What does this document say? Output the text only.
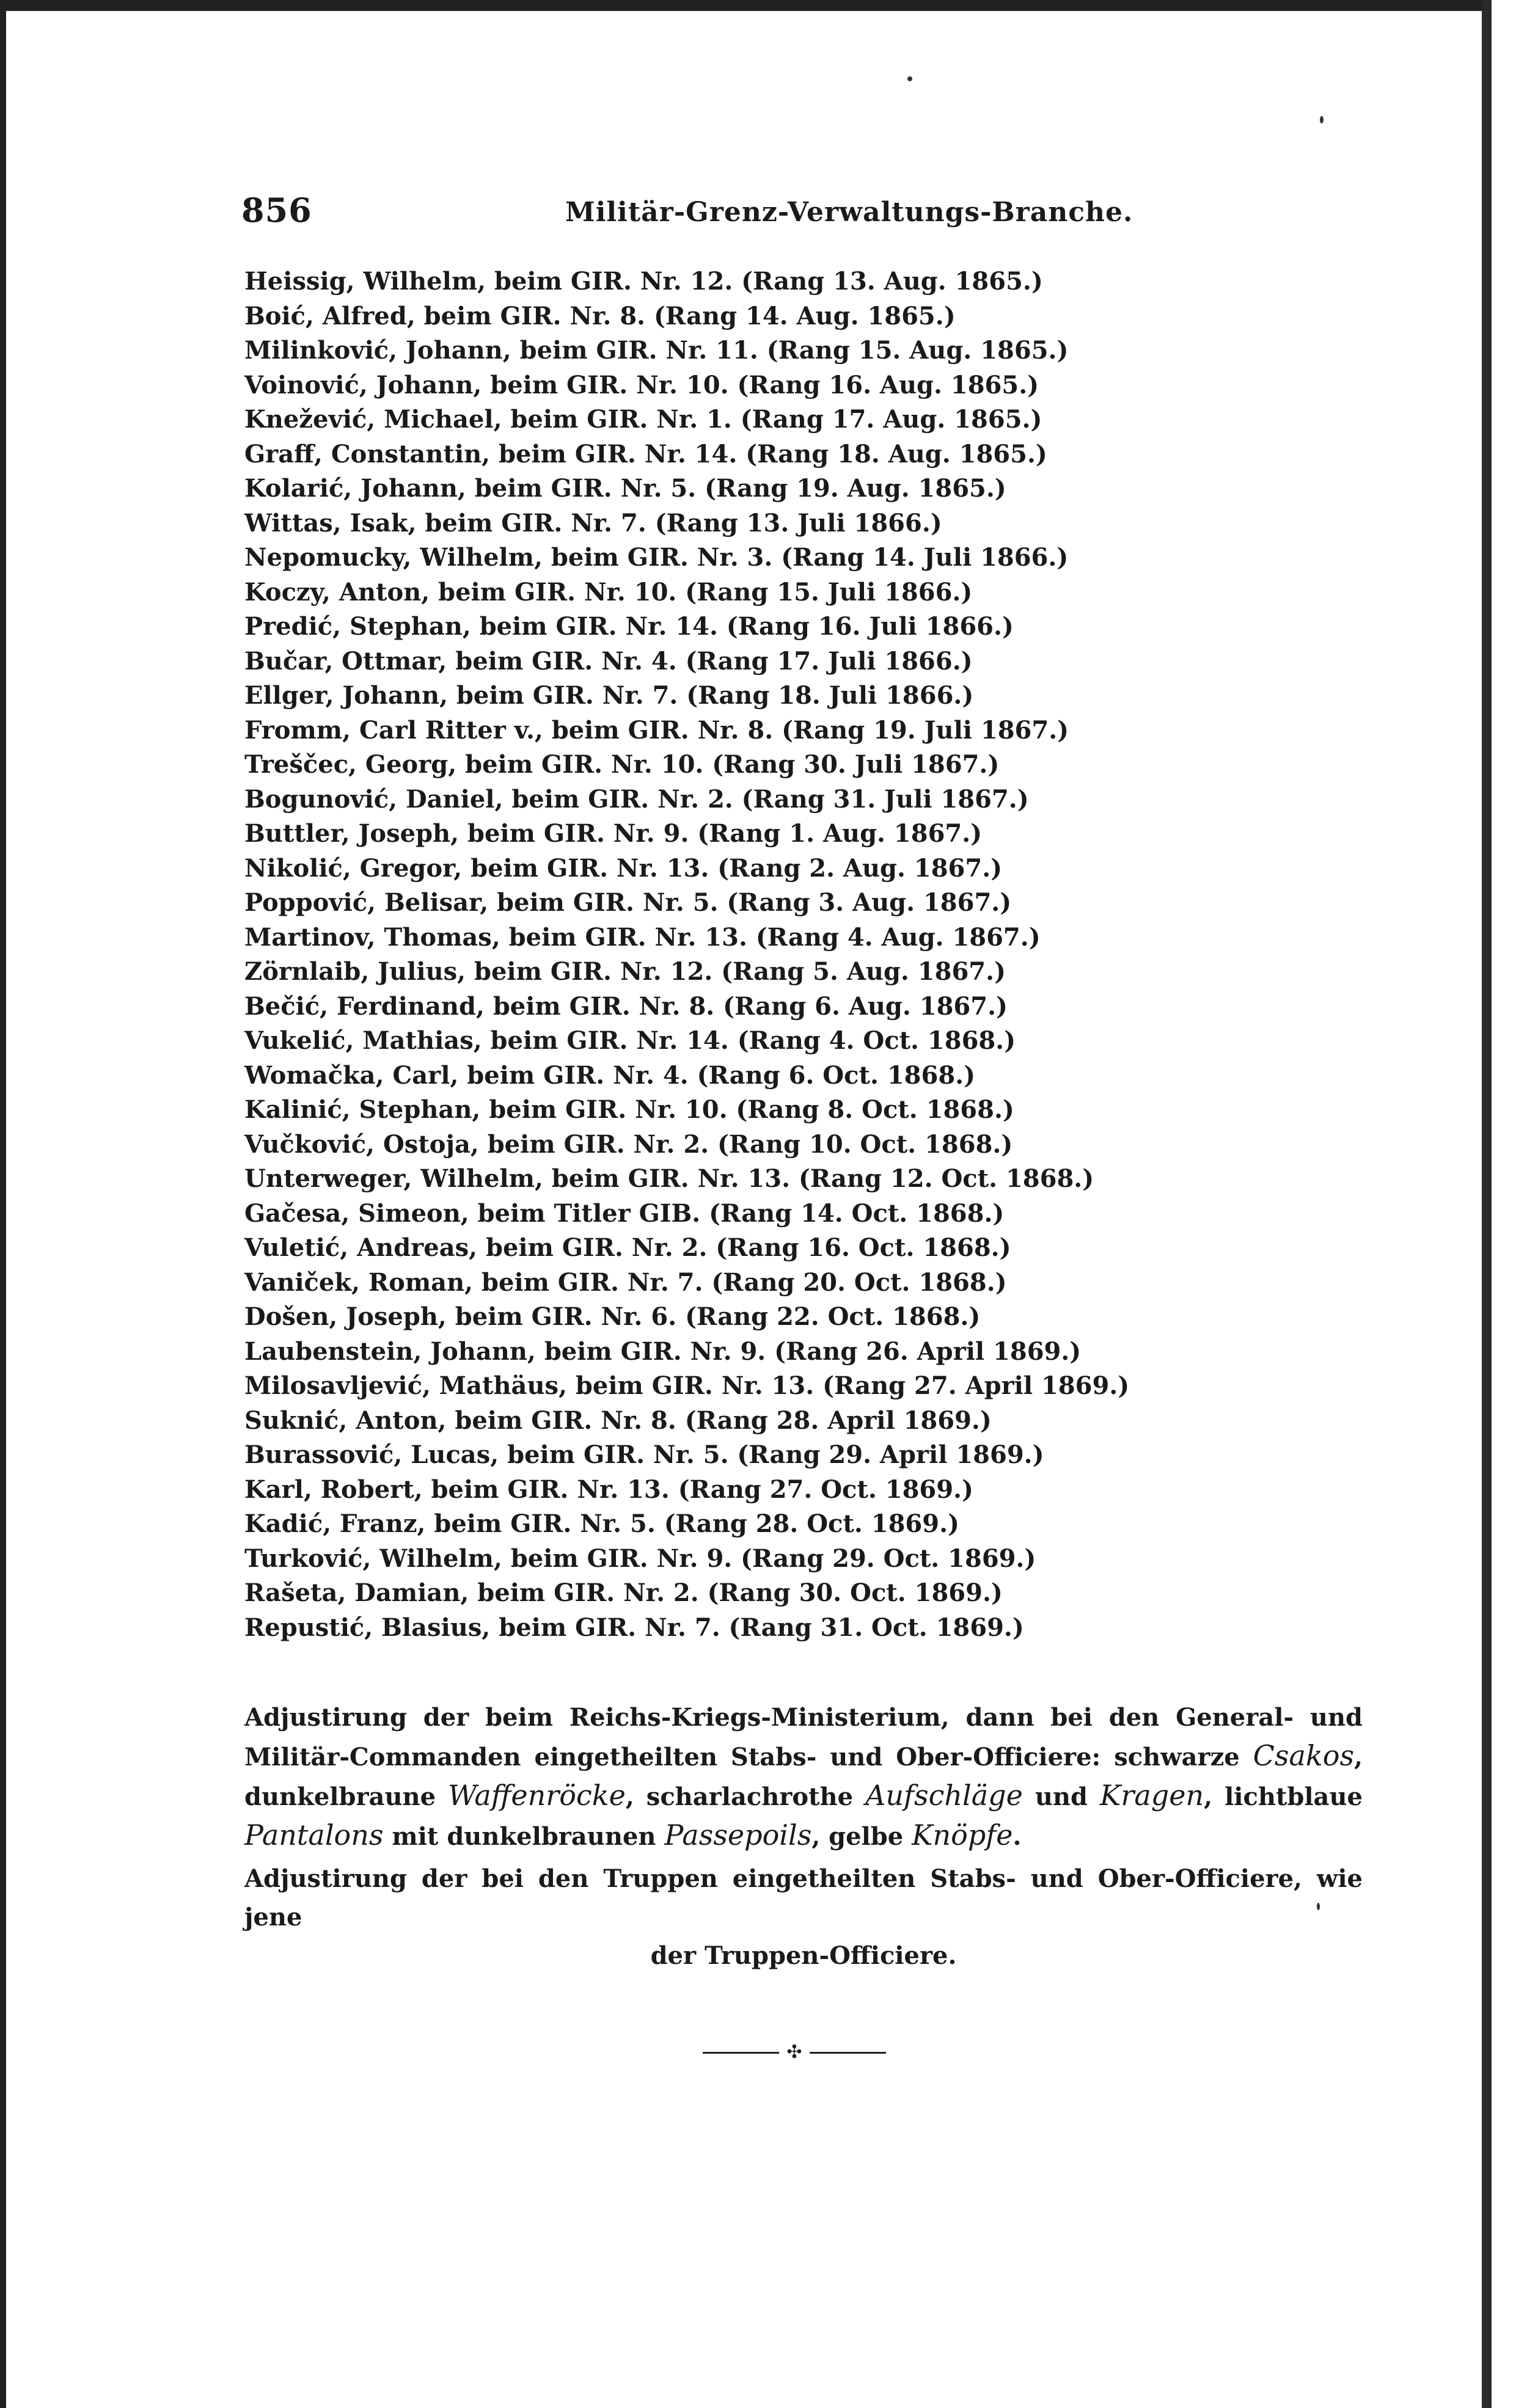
856	Militär-Grenz-Verwaltungs-Branche.
Heissig, Wilhelm, beim GIR. Nr. 12. (Rang 13. Aug. 1865.)
Boić, Alfred, beim GIR. Nr. 8. (Rang 14. Aug. 1865.)
Milinković, Johann, beim GIR. Nr. 11. (Rang 15. Aug. 1865.)
Voinović, Johann, beim GIR. Nr. 10. (Rang 16. Aug. 1865.)
Knežević, Michael, beim GIR. Nr. 1. (Rang 17. Aug. 1865.)
Graff, Constantin, beim GIR. Nr. 14. (Rang 18. Aug. 1865.)
Kolarić, Johann, beim GIR. Nr. 5. (Rang 19. Aug. 1865.)
Wittas, Isak, beim GIR. Nr. 7. (Rang 13. Juli 1866.)
Nepomucky, Wilhelm, beim GIR. Nr. 3. (Rang 14. Juli 1866.)
Koczy, Anton, beim GIR. Nr. 10. (Rang 15. Juli 1866.)
Predić, Stephan, beim GIR. Nr. 14. (Rang 16. Juli 1866.)
Bučar, Ottmar, beim GIR. Nr. 4. (Rang 17. Juli 1866.)
Ellger, Johann, beim GIR. Nr. 7. (Rang 18. Juli 1866.)
Fromm, Carl Ritter v., beim GIR. Nr. 8. (Rang 19. Juli 1867.)
Treščec, Georg, beim GIR. Nr. 10. (Rang 30. Juli 1867.)
Bogunović, Daniel, beim GIR. Nr. 2. (Rang 31. Juli 1867.)
Buttler, Joseph, beim GIR. Nr. 9. (Rang 1. Aug. 1867.)
Nikolić, Gregor, beim GIR. Nr. 13. (Rang 2. Aug. 1867.)
Poppović, Belisar, beim GIR. Nr. 5. (Rang 3. Aug. 1867.)
Martinov, Thomas, beim GIR. Nr. 13. (Rang 4. Aug. 1867.)
Zörnlaib, Julius, beim GIR. Nr. 12. (Rang 5. Aug. 1867.)
Bečić, Ferdinand, beim GIR. Nr. 8. (Rang 6. Aug. 1867.)
Vukelić, Mathias, beim GIR. Nr. 14. (Rang 4. Oct. 1868.)
Womačka, Carl, beim GIR. Nr. 4. (Rang 6. Oct. 1868.)
Kalinić, Stephan, beim GIR. Nr. 10. (Rang 8. Oct. 1868.)
Vučković, Ostoja, beim GIR. Nr. 2. (Rang 10. Oct. 1868.)
Unterweger, Wilhelm, beim GIR. Nr. 13. (Rang 12. Oct. 1868.)
Gačesa, Simeon, beim Titler GIB. (Rang 14. Oct. 1868.)
Vuletić, Andreas, beim GIR. Nr. 2. (Rang 16. Oct. 1868.)
Vaniček, Roman, beim GIR. Nr. 7. (Rang 20. Oct. 1868.)
Došen, Joseph, beim GIR. Nr. 6. (Rang 22. Oct. 1868.)
Laubenstein, Johann, beim GIR. Nr. 9. (Rang 26. April 1869.)
Milosavljević, Mathäus, beim GIR. Nr. 13. (Rang 27. April 1869.)
Suknić, Anton, beim GIR. Nr. 8. (Rang 28. April 1869.)
Burassović, Lucas, beim GIR. Nr. 5. (Rang 29. April 1869.)
Karl, Robert, beim GIR. Nr. 13. (Rang 27. Oct. 1869.)
Kadić, Franz, beim GIR. Nr. 5. (Rang 28. Oct. 1869.)
Turković, Wilhelm, beim GIR. Nr. 9. (Rang 29. Oct. 1869.)
Rašeta, Damian, beim GIR. Nr. 2. (Rang 30. Oct. 1869.)
Repustić, Blasius, beim GIR. Nr. 7. (Rang 31. Oct. 1869.)

Adjustirung der beim Reichs-Kriegs-Ministerium, dann bei den General- und Militär-Commanden eingetheilten Stabs- und Ober-Officiere: schwarze Csakos, dunkelbraune Waffenröcke, scharlachrothe Aufschläge und Kragen, lichtblaue Pantalons mit dunkelbraunen Passepoils, gelbe Knöpfe.

Adjustirung der bei den Truppen eingetheilten Stabs- und Ober-Officiere, wie jene
der Truppen-Officiere.

✣
